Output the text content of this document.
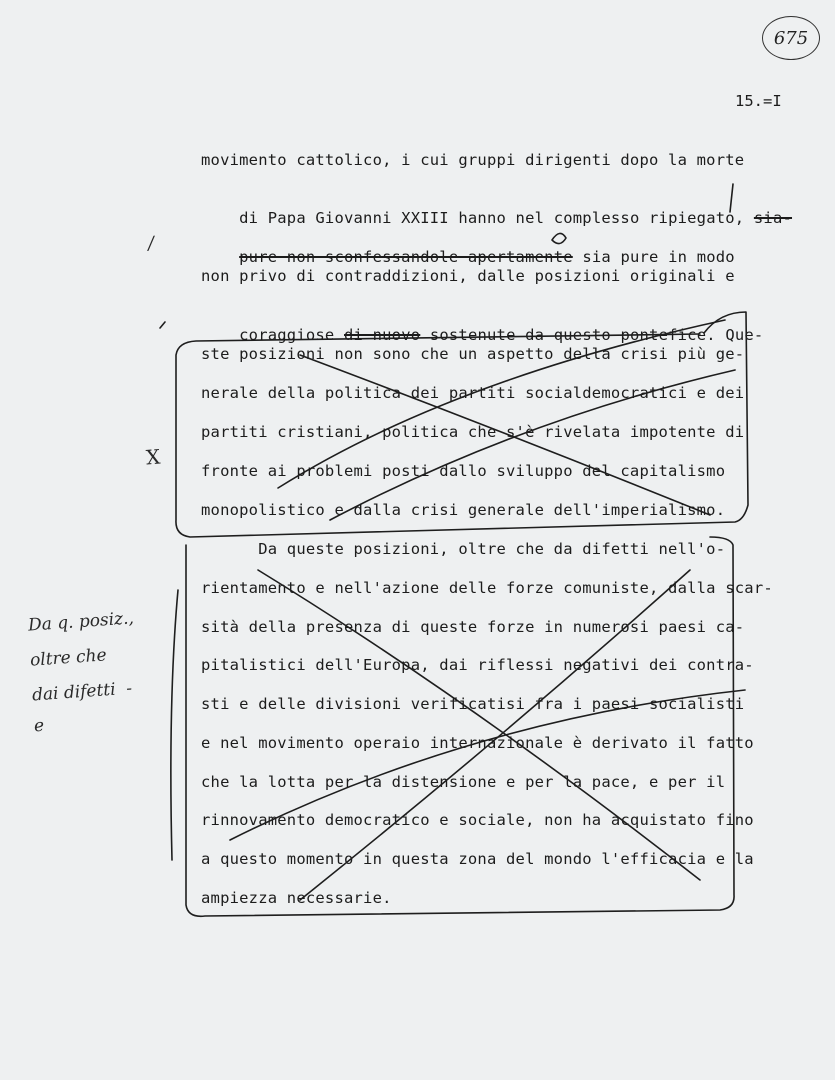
675
15.=I
movimento cattolico, i cui gruppi dirigenti dopo la morte

di Papa Giovanni XXIII hanno nel complesso ripiegato, sia-

pure non sconfessandole apertamente sia pure in modo

non privo di contraddizioni, dalle posizioni originali e

coraggiose di nuovo sostenute da questo pontefice. Que-

ste posizioni non sono che un aspetto della crisi più ge-
nerale della politica dei partiti socialdemocratici e dei
partiti cristiani, politica che s'è rivelata impotente di
fronte ai problemi posti dallo sviluppo del capitalismo
monopolistico e dalla crisi generale dell'imperialismo.
Da queste posizioni, oltre che da difetti nell'o-
rientamento e nell'azione delle forze comuniste, dalla scar-
sità della presenza di queste forze in numerosi paesi ca-
pitalistici dell'Europa, dai riflessi negativi dei contra-
sti e delle divisioni verificatisi fra i paesi socialisti
e nel movimento operaio internazionale è derivato il fatto
che la lotta per la distensione e per la pace, e per il
rinnovamento democratico e sociale, non ha acquistato fino
a questo momento in questa zona del mondo l'efficacia e la
ampiezza necessarie.
Da q. posiz.,
oltre che
dai difetti  -
e
X
/
